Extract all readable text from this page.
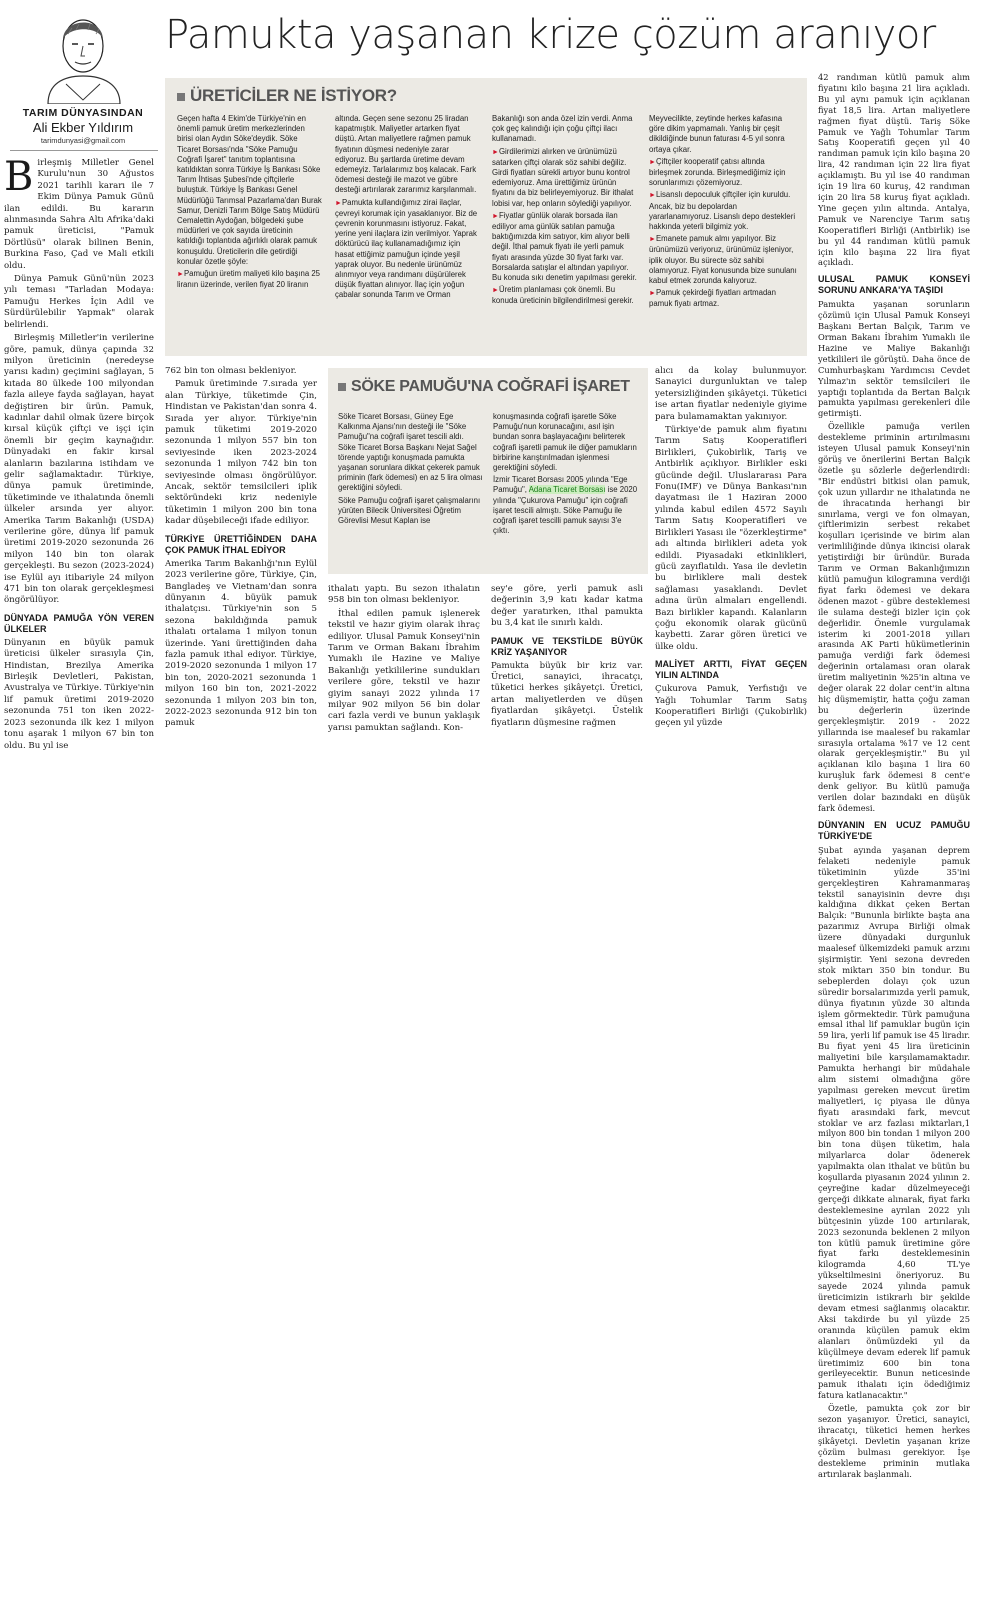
Pamukta yaşanan krize çözüm aranıyor
TARIM DÜNYASINDAN
Ali Ekber Yıldırım
tarimdunyasi@gmail.com

Birleşmiş Milletler Genel Kurulu'nun 30 Ağustos 2021 tarihli kararı ile 7 Ekim Dünya Pamuk Günü ilan edildi. Bu kararın alınmasında Sahra Altı Afrika'daki pamuk üreticisi, "Pamuk Dörtlüsü" olarak bilinen Benin, Burkina Faso, Çad ve Mali etkili oldu.

Dünya Pamuk Günü'nün 2023 yılı teması "Tarladan Modaya: Pamuğu Herkes İçin Adil ve Sürdürülebilir Yapmak" olarak belirlendi.

Birleşmiş Milletler'in verilerine göre, pamuk, dünya çapında 32 milyon üreticinin (neredeyse yarısı kadın) geçimini sağlayan, 5 kıtada 80 ülkede 100 milyondan fazla aileye fayda sağlayan, hayat değiştiren bir ürün. Pamuk, kadınlar dahil olmak üzere birçok kırsal küçük çiftçi ve işçi için önemli bir geçim kaynağıdır. Dünyadaki en fakir kırsal alanların bazılarına istihdam ve gelir sağlamaktadır. Türkiye, dünya pamuk üretiminde, tüketiminde ve ithalatında önemli ülkeler arsında yer alıyor. Amerika Tarım Bakanlığı (USDA) verilerine göre, dünya lif pamuk üretimi 2019-2020 sezonunda 26 milyon 140 bin ton olarak gerçekleşti. Bu sezon (2023-2024) ise Eylül ayı itibariyle 24 milyon 471 bin ton olarak gerçekleşmesi öngörülüyor.

DÜNYADA PAMUĞA YÖN VEREN ÜLKELER

Dünyanın en büyük pamuk üreticisi ülkeler sırasıyla Çin, Hindistan, Brezilya Amerika Birleşik Devletleri, Pakistan, Avustralya ve Türkiye. Türkiye'nin lif pamuk üretimi 2019-2020 sezonunda 751 ton iken 2022-2023 sezonunda ilk kez 1 milyon tonu aşarak 1 milyon 67 bin ton oldu. Bu yıl ise

ÜRETİCİLER NE İSTİYOR?

Geçen hafta 4 Ekim'de Türkiye'nin en önemli pamuk üretim merkezlerinden birisi olan Aydın Söke'deydik. Söke Ticaret Borsası'nda "Söke Pamuğu Coğrafi İşaret" tanıtım toplantısına katıldıktan sonra Türkiye İş Bankası Söke Tarım İhtisas Şubesi'nde çiftçilerle buluştuk. Türkiye İş Bankası Genel Müdürlüğü Tarımsal Pazarlama'dan Burak Samur, Denizli Tarım Bölge Satış Müdürü Cemalettin Aydoğan, bölgedeki şube müdürleri ve çok sayıda üreticinin katıldığı toplantıda ağırlıklı olarak pamuk konuşuldu. Üreticilerin dile getirdiği konular özetle şöyle:

►Pamuğun üretim maliyeti kilo başına 25 liranın üzerinde, verilen fiyat 20 liranın

altında. Geçen sene sezonu 25 liradan kapatmıştık. Maliyetler artarken fiyat düştü. Artan maliyetlere rağmen pamuk fiyatının düşmesi nedeniyle zarar ediyoruz. Bu şartlarda üretime devam edemeyiz. Tarlalarımız boş kalacak. Fark ödemesi desteği ile mazot ve gübre desteği artırılarak zararımız karşılanmalı.

►Pamukta kullandığımız zirai ilaçlar, çevreyi korumak için yasaklanıyor. Biz de çevrenin korunmasını istiyoruz. Fakat, yerine yeni ilaçlara izin verilmiyor. Yaprak döktürücü ilaç kullanamadığımız için hasat ettiğimiz pamuğun içinde yeşil yaprak oluyor. Bu nedenle ürünümüz alınmıyor veya randımanı düşürülerek düşük fiyattan alınıyor. İlaç için yoğun çabalar sonunda Tarım ve Orman

Bakanlığı son anda özel izin verdi. Anma çok geç kalındığı için çoğu çiftçi ilacı kullanamadı.

►Girdilerimizi alırken ve ürünümüzü satarken çiftçi olarak söz sahibi değiliz. Girdi fiyatları sürekli artıyor bunu kontrol edemiyoruz. Ama ürettiğimiz ürünün fiyatını da biz belirleyemiyoruz. Bir ithalat lobisi var, hep onların söylediği yapılıyor.

►Fiyatlar günlük olarak borsada ilan ediliyor ama günlük satılan pamuğa baktığımızda kim satıyor, kim alıyor belli değil. İthal pamuk fiyatı ile yerli pamuk fiyatı arasında yüzde 30 fiyat farkı var. Borsalarda satışlar el altından yapılıyor. Bu konuda sıkı denetim yapılması gerekir.

►Üretim planlaması çok önemli. Bu konuda üreticinin bilgilendirilmesi gerekir.

Meyvecilikte, zeytinde herkes kafasına göre dikim yapmamalı. Yanlış bir çeşit dikildiğinde bunun faturası 4-5 yıl sonra ortaya çıkar.

►Çiftçiler kooperatif çatısı altında birleşmek zorunda. Birleşmediğimiz için sorunlarımızı çözemiyoruz.

►Lisanslı depoculuk çiftçiler için kuruldu. Ancak, biz bu depolardan yararlanamıyoruz. Lisanslı depo destekleri hakkında yeterli bilgimiz yok.

►Emanete pamuk almı yapılıyor. Biz ürünümüzü veriyoruz, ürünümüz işleniyor, iplik oluyor. Bu sürecte söz sahibi olamıyoruz. Fiyat konusunda bize sunulanı kabul etmek zorunda kalıyoruz.

►Pamuk çekirdeği fiyatları artmadan pamuk fiyatı artmaz.

762 bin ton olması bekleniyor.

Pamuk üretiminde 7.sırada yer alan Türkiye, tüketimde Çin, Hindistan ve Pakistan'dan sonra 4. Sırada yer alıyor. Türkiye'nin pamuk tüketimi 2019-2020 sezonunda 1 milyon 557 bin ton seviyesinde iken 2023-2024 sezonunda 1 milyon 742 bin ton seviyesinde olması öngörülüyor. Ancak, sektör temsilcileri iplik sektöründeki kriz nedeniyle tüketimin 1 milyon 200 bin tona kadar düşebileceği ifade ediliyor.

TÜRKİYE ÜRETTİĞİNDEN DAHA ÇOK PAMUK İTHAL EDİYOR

Amerika Tarım Bakanlığı'nın Eylül 2023 verilerine göre, Türkiye, Çin, Bangladeş ve Vietnam'dan sonra dünyanın 4. büyük pamuk ithalatçısı. Türkiye'nin son 5 sezona bakıldığında pamuk ithalatı ortalama 1 milyon tonun üzerinde. Yani ürettiğinden daha fazla pamuk ithal ediyor. Türkiye, 2019-2020 sezonunda 1 milyon 17 bin ton, 2020-2021 sezonunda 1 milyon 160 bin ton, 2021-2022 sezonunda 1 milyon 203 bin ton, 2022-2023 sezonunda 912 bin ton pamuk

SÖKE PAMUĞU'NA COĞRAFİ İŞARET

Söke Ticaret Borsası, Güney Ege Kalkınma Ajansı'nın desteği ile "Söke Pamuğu"na coğrafi işaret tescili aldı. Söke Ticaret Borsa Başkanı Nejat Sağel törende yaptığı konuşmada pamukta yaşanan sorunlara dikkat çekerek pamuk priminin (fark ödemesi) en az 5 lira olması gerektiğini söyledi.

Söke Pamuğu coğrafi işaret çalışmalarını yürüten Bilecik Üniversitesi Öğretim Görevlisi Mesut Kaplan ise

konuşmasında coğrafi işaretle Söke Pamuğu'nun korunacağını, asıl işin bundan sonra başlayacağını belirterek coğrafi işaretli pamuk ile diğer pamukların birbirine karıştırılmadan işlenmesi gerektiğini söyledi.

İzmir Ticaret Borsası 2005 yılında "Ege Pamuğu", Adana Ticaret Borsası ise 2020 yılında "Çukurova Pamuğu" için coğrafi işaret tescili almıştı. Söke Pamuğu ile coğrafi işaret tescilli pamuk sayısı 3'e çıktı.

ithalatı yaptı. Bu sezon ithalatın 958 bin ton olması bekleniyor.

İthal edilen pamuk işlenerek tekstil ve hazır giyim olarak ihraç ediliyor. Ulusal Pamuk Konseyi'nin Tarım ve Orman Bakanı İbrahim Yumaklı ile Hazine ve Maliye Bakanlığı yetkililerine sundukları verilere göre, tekstil ve hazır giyim sanayi 2022 yılında 17 milyar 902 milyon 56 bin dolar cari fazla verdi ve bunun yaklaşık yarısı pamuktan sağlandı. Kon-

sey'e göre, yerli pamuk asli değerinin 3,9 katı kadar katma değer yaratırken, ithal pamukta bu 3,4 kat ile sınırlı kaldı.

PAMUK VE TEKSTİLDE BÜYÜK KRİZ YAŞANIYOR

Pamukta büyük bir kriz var. Üretici, sanayici, ihracatçı, tüketici herkes şikâyetçi. Üretici, artan maliyetlerden ve düşen fiyatlardan şikâyetçi. Üstelik fiyatların düşmesine rağmen

alıcı da kolay bulunmuyor. Sanayici durgunluktan ve talep yetersizliğinden şikâyetçi. Tüketici ise artan fiyatlar nedeniyle giyime para bulamamaktan yakınıyor.

Türkiye'de pamuk alım fiyatını Tarım Satış Kooperatifleri Birlikleri, Çukobirlik, Tariş ve Antbirlik açıklıyor. Birlikler eski gücünde değil. Uluslararası Para Fonu(IMF) ve Dünya Bankası'nın dayatması ile 1 Haziran 2000 yılında kabul edilen 4572 Sayılı Tarım Satış Kooperatifleri ve Birlikleri Yasası ile "özerkleştirme" adı altında birlikleri adeta yok edildi. Piyasadaki etkinlikleri, gücü zayıflatıldı. Yasa ile devletin bu birliklere mali destek sağlaması yasaklandı. Devlet adına ürün almaları engellendi. Bazı birlikler kapandı. Kalanların çoğu ekonomik olarak gücünü kaybetti. Zarar gören üretici ve ülke oldu.

MALİYET ARTTI, FİYAT GEÇEN YILIN ALTINDA

Çukurova Pamuk, Yerfıstığı ve Yağlı Tohumlar Tarım Satış Kooperatifleri Birliği (Çukobirlik) geçen yıl yüzde

42 randıman kütlü pamuk alım fiyatını kilo başına 21 lira açıkladı. Bu yıl aynı pamuk için açıklanan fiyat 18,5 lira. Artan maliyetlere rağmen fiyat düştü. Tariş Söke Pamuk ve Yağlı Tohumlar Tarım Satış Kooperatifi geçen yıl 40 randıman pamuk için kilo başına 20 lira, 42 randıman için 22 lira fiyat açıklamıştı. Bu yıl ise 40 randıman için 19 lira 60 kuruş, 42 randıman için 20 lira 58 kuruş fiyat açıkladı. Yine geçen yılın altında. Antalya, Pamuk ve Narenciye Tarım satış Kooperatifleri Birliği (Antbirlik) ise bu yıl 44 randıman kütlü pamuk için kilo başına 22 lira fiyat açıkladı.

ULUSAL PAMUK KONSEYİ SORUNU ANKARA'YA TAŞIDI

Pamukta yaşanan sorunların çözümü için Ulusal Pamuk Konseyi Başkanı Bertan Balçık, Tarım ve Orman Bakanı İbrahim Yumaklı ile Hazine ve Maliye Bakanlığı yetkilileri ile görüştü. Daha önce de Cumhurbaşkanı Yardımcısı Cevdet Yılmaz'ın sektör temsilcileri ile yaptığı toplantıda da Bertan Balçık pamukta yapılması gerekenleri dile getirmişti.

Özellikle pamuğa verilen destekleme priminin artırılmasını isteyen Ulusal pamuk Konseyi'nin görüş ve önerilerini Bertan Balçık özetle şu sözlerle değerlendirdi: "Bir endüstri bitkisi olan pamuk, çok uzun yıllardır ne ithalatında ne de ihracatında herhangi bir sınırlama, vergi ve fon olmayan, çiftlerimizin serbest rekabet koşulları içerisinde ve birim alan verimliliğinde dünya ikincisi olarak yetiştirdiği bir üründür. Burada Tarım ve Orman Bakanlığımızın kütlü pamuğun kilogramına verdiği fiyat farkı ödemesi ve dekara ödenen mazot - gübre desteklemesi ile sulama desteği bizler için çok değerlidir. Önemle vurgulamak isterim ki 2001-2018 yılları arasında AK Parti hükümetlerinin pamuğa verdiği fark ödemesi değerinin ortalaması oran olarak üretim maliyetinin %25'in altına ve değer olarak 22 dolar cent'in altına hiç düşmemiştir, hatta çoğu zaman bu değerlerin üzerinde gerçekleşmiştir. 2019 - 2022 yıllarında ise maalesef bu rakamlar sırasıyla ortalama %17 ve 12 cent olarak gerçekleşmiştir." Bu yıl açıklanan kilo başına 1 lira 60 kuruşluk fark ödemesi 8 cent'e denk geliyor. Bu kütlü pamuğa verilen dolar bazındaki en düşük fark ödemesi.

DÜNYANIN EN UCUZ PAMUĞU TÜRKİYE'DE

Şubat ayında yaşanan deprem felaketi nedeniyle pamuk tüketiminin yüzde 35'ini gerçekleştiren Kahramanmaraş tekstil sanayisinin devre dışı kaldığına dikkat çeken Bertan Balçık: "Bununla birlikte başta ana pazarımız Avrupa Birliği olmak üzere dünyadaki durgunluk maalesef ülkemizdeki pamuk arzını şişirmiştir. Yeni sezona devreden stok miktarı 350 bin tondur. Bu sebeplerden dolayı çok uzun süredir borsalarımızda yerli pamuk, dünya fiyatının yüzde 30 altında işlem görmektedir. Türk pamuğuna emsal ithal lif pamuklar bugün için 59 lira, yerli lif pamuk ise 45 liradır. Bu fiyat yeni 45 lira üreticinin maliyetini bile karşılamamaktadır. Pamukta herhangi bir müdahale alım sistemi olmadığına göre yapılması gereken mevcut üretim maliyetleri, iç piyasa ile dünya fiyatı arasındaki fark, mevcut stoklar ve arz fazlası miktarları,1 milyon 800 bin tondan 1 milyon 200 bin tona düşen tüketim, hala milyarlarca dolar ödenerek yapılmakta olan ithalat ve bütün bu koşullarda piyasanın 2024 yılının 2. çeyreğine kadar düzelmeyeceği gerçeği dikkate alınarak, fiyat farkı desteklemesine ayrılan 2022 yılı bütçesinin yüzde 100 artırılarak, 2023 sezonunda beklenen 2 milyon ton kütlü pamuk üretimine göre fiyat farkı desteklemesinin kilogramda 4,60 TL'ye yükseltilmesini öneriyoruz. Bu sayede 2024 yılında pamuk üreticimizin istikrarlı bir şekilde devam etmesi sağlanmış olacaktır. Aksi takdirde bu yıl yüzde 25 oranında küçülen pamuk ekim alanları önümüzdeki yıl da küçülmeye devam ederek lif pamuk üretimimiz 600 bin tona gerileyecektir. Bunun neticesinde pamuk ithalatı için ödediğimiz fatura katlanacaktır."

Özetle, pamukta çok zor bir sezon yaşanıyor. Üretici, sanayici, ihracatçı, tüketici hemen herkes şikâyetçi. Devletin yaşanan krize çözüm bulması gerekiyor. İşe destekleme priminin mutlaka artırılarak başlanmalı.
